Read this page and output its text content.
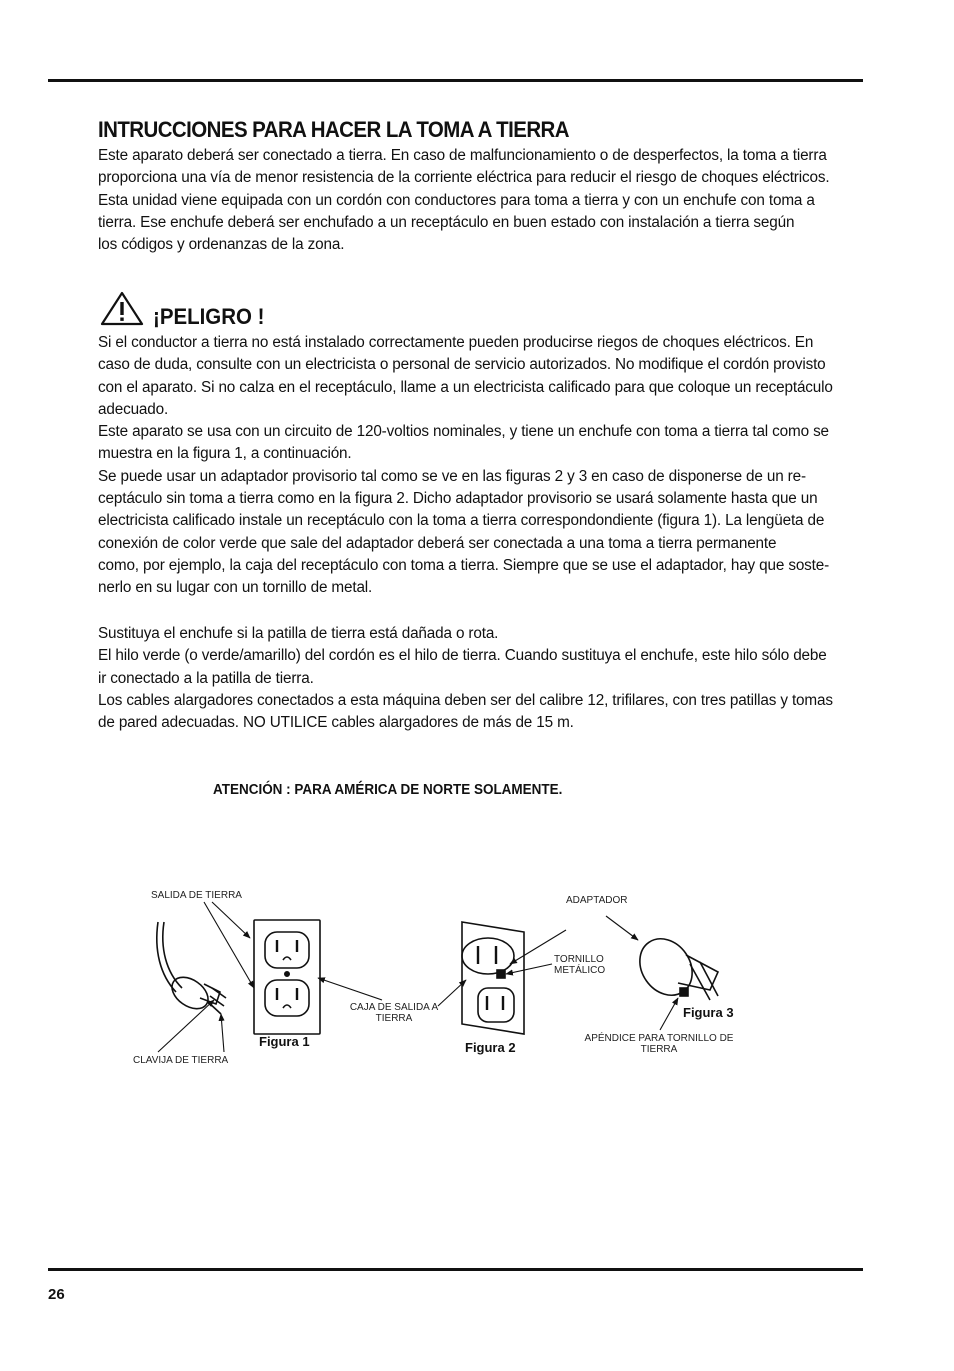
INTRUCCIONES PARA HACER LA TOMA A TIERRA

Este aparato deberá ser conectado a tierra. En caso de malfuncionamiento o de desperfectos, la toma a tierra

proporciona una vía de menor resistencia de la corriente eléctrica para reducir el riesgo de choques eléctricos.

Esta unidad viene equipada con un cordón con conductores para toma a tierra y con un enchufe con toma a

tierra. Ese enchufe deberá ser enchufado a un receptáculo en buen estado con instalación a tierra según

los códigos y ordenanzas de la zona.

¡PELIGRO !

Si el conductor a tierra no está instalado correctamente pueden producirse riegos de choques eléctricos. En

caso de duda, consulte con un electricista o personal de servicio autorizados. No modifique el cordón provisto

con el aparato. Si no calza en el receptáculo, llame a un electricista calificado para que coloque un receptáculo

adecuado.

Este aparato se usa con un circuito de 120-voltios nominales, y tiene un enchufe con toma a tierra tal como se

muestra en la figura 1, a continuación.

Se puede usar un adaptador provisorio tal como se ve en las figuras 2 y 3 en caso de disponerse de un re-

ceptáculo sin toma a tierra como en la figura 2. Dicho adaptador provisorio se usará solamente hasta que un

electricista calificado instale un receptáculo con la toma a tierra correspondondiente (figura 1). La lengüeta de

conexión de color verde que sale del adaptador deberá ser conectada a una toma a tierra permanente

como, por ejemplo, la caja del receptáculo con toma a tierra. Siempre que se use el adaptador, hay que soste-

nerlo en su lugar con un tornillo de metal.

Sustituya el enchufe si la patilla de tierra está dañada o rota.

El hilo verde (o verde/amarillo) del cordón es el hilo de tierra. Cuando sustituya el enchufe, este hilo sólo debe

ir conectado a la patilla de tierra.

Los cables alargadores conectados a esta máquina deben ser del calibre 12, trifilares, con tres patillas y tomas

de pared adecuadas. NO UTILICE cables alargadores de más de 15 m.

ATENCIÓN : PARA AMÉRICA DE NORTE SOLAMENTE.

SALIDA DE TIERRA
CLAVIJA DE TIERRA
CAJA DE SALIDA A
TIERRA
ADAPTADOR
TORNILLO
METÁLICO
APÉNDICE PARA TORNILLO DE
TIERRA
Figura 1	Figura 2
Figura 3

26
